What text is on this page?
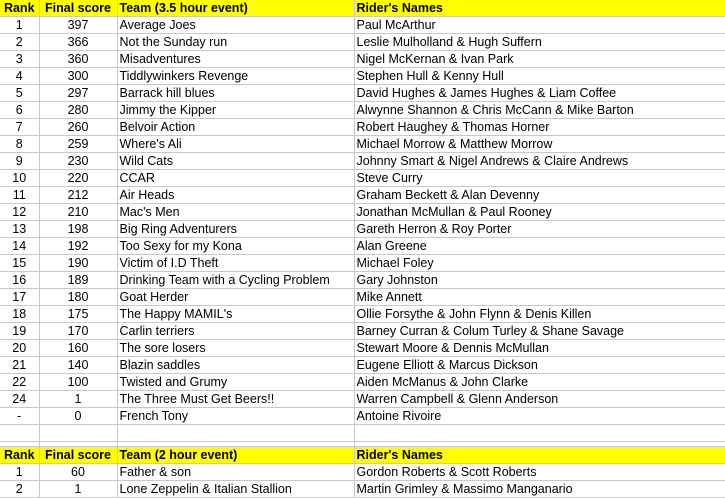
Rank	Final score	Team (3.5 hour event)	Rider's Names
1	397	Average Joes	Paul McArthur
2	366	Not the Sunday run	Leslie Mulholland & Hugh Suffern
3	360	Misadventures	Nigel McKernan & Ivan Park
4	300	Tiddlywinkers Revenge	Stephen Hull & Kenny Hull
5	297	Barrack hill blues	David Hughes & James Hughes & Liam Coffee
6	280	Jimmy the Kipper	Alwynne Shannon & Chris McCann & Mike Barton
7	260	Belvoir Action	Robert Haughey & Thomas Horner
8	259	Where's Ali	Michael Morrow & Matthew Morrow
9	230	Wild Cats	Johnny Smart & Nigel Andrews & Claire Andrews
10	220	CCAR	Steve Curry
11	212	Air Heads	Graham Beckett & Alan Devenny
12	210	Mac's Men	Jonathan McMullan & Paul Rooney
13	198	Big Ring Adventurers	Gareth Herron & Roy Porter
14	192	Too Sexy for my Kona	Alan Greene
15	190	Victim of I.D Theft	Michael Foley
16	189	Drinking Team with a Cycling Problem	Gary Johnston
17	180	Goat Herder	Mike Annett
18	175	The Happy MAMIL's	Ollie Forsythe & John Flynn & Denis Killen
19	170	Carlin terriers	Barney Curran & Colum Turley & Shane Savage
20	160	The sore losers	Stewart Moore & Dennis McMullan
21	140	Blazin saddles	Eugene Elliott & Marcus Dickson
22	100	Twisted and Grumy	Aiden McManus & John Clarke
24	1	The Three Must Get Beers!!	Warren Campbell & Glenn Anderson
-	0	French Tony	Antoine Rivoire

Rank	Final score	Team (2 hour event)	Rider's Names
1	60	Father & son	Gordon Roberts & Scott Roberts
2	1	Lone Zeppelin & Italian Stallion	Martin Grimley & Massimo Manganario
